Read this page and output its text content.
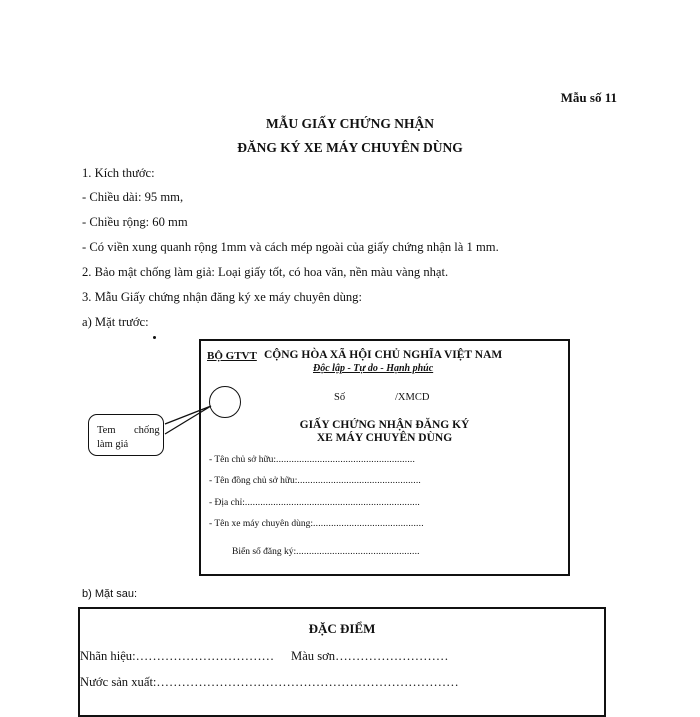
Mẫu số 11
MẪU GIẤY CHỨNG NHẬN
ĐĂNG KÝ XE MÁY CHUYÊN DÙNG
1. Kích thước:
- Chiều dài: 95 mm,
- Chiều rộng: 60 mm
- Có viền xung quanh rộng 1mm và cách mép ngoài của giấy chứng nhận là 1 mm.
2. Bảo mật chống làm giả: Loại giấy tốt, có hoa văn, nền màu vàng nhạt.
3. Mẫu Giấy chứng nhận đăng ký xe máy chuyên dùng:
a) Mặt trước:
Tem chống
làm giả
BỘ GTVT CỘNG HÒA XÃ HỘI CHỦ NGHĨA VIỆT NAM
Độc lập - Tự do - Hạnh phúc
Số	/XMCD
GIẤY CHỨNG NHẬN ĐĂNG KÝ
XE MÁY CHUYÊN DÙNG
- Tên chủ sở hữu:......................................................
- Tên đồng chủ sở hữu:................................................
- Địa chỉ:....................................................................
- Tên xe máy chuyên dùng:...........................................
Biển số đăng ký:................................................
b) Mặt sau:
ĐẶC ĐIỂM
Nhãn hiệu:…………………………… Màu sơn………………………
Nước sản xuất:………………………………………………………………
